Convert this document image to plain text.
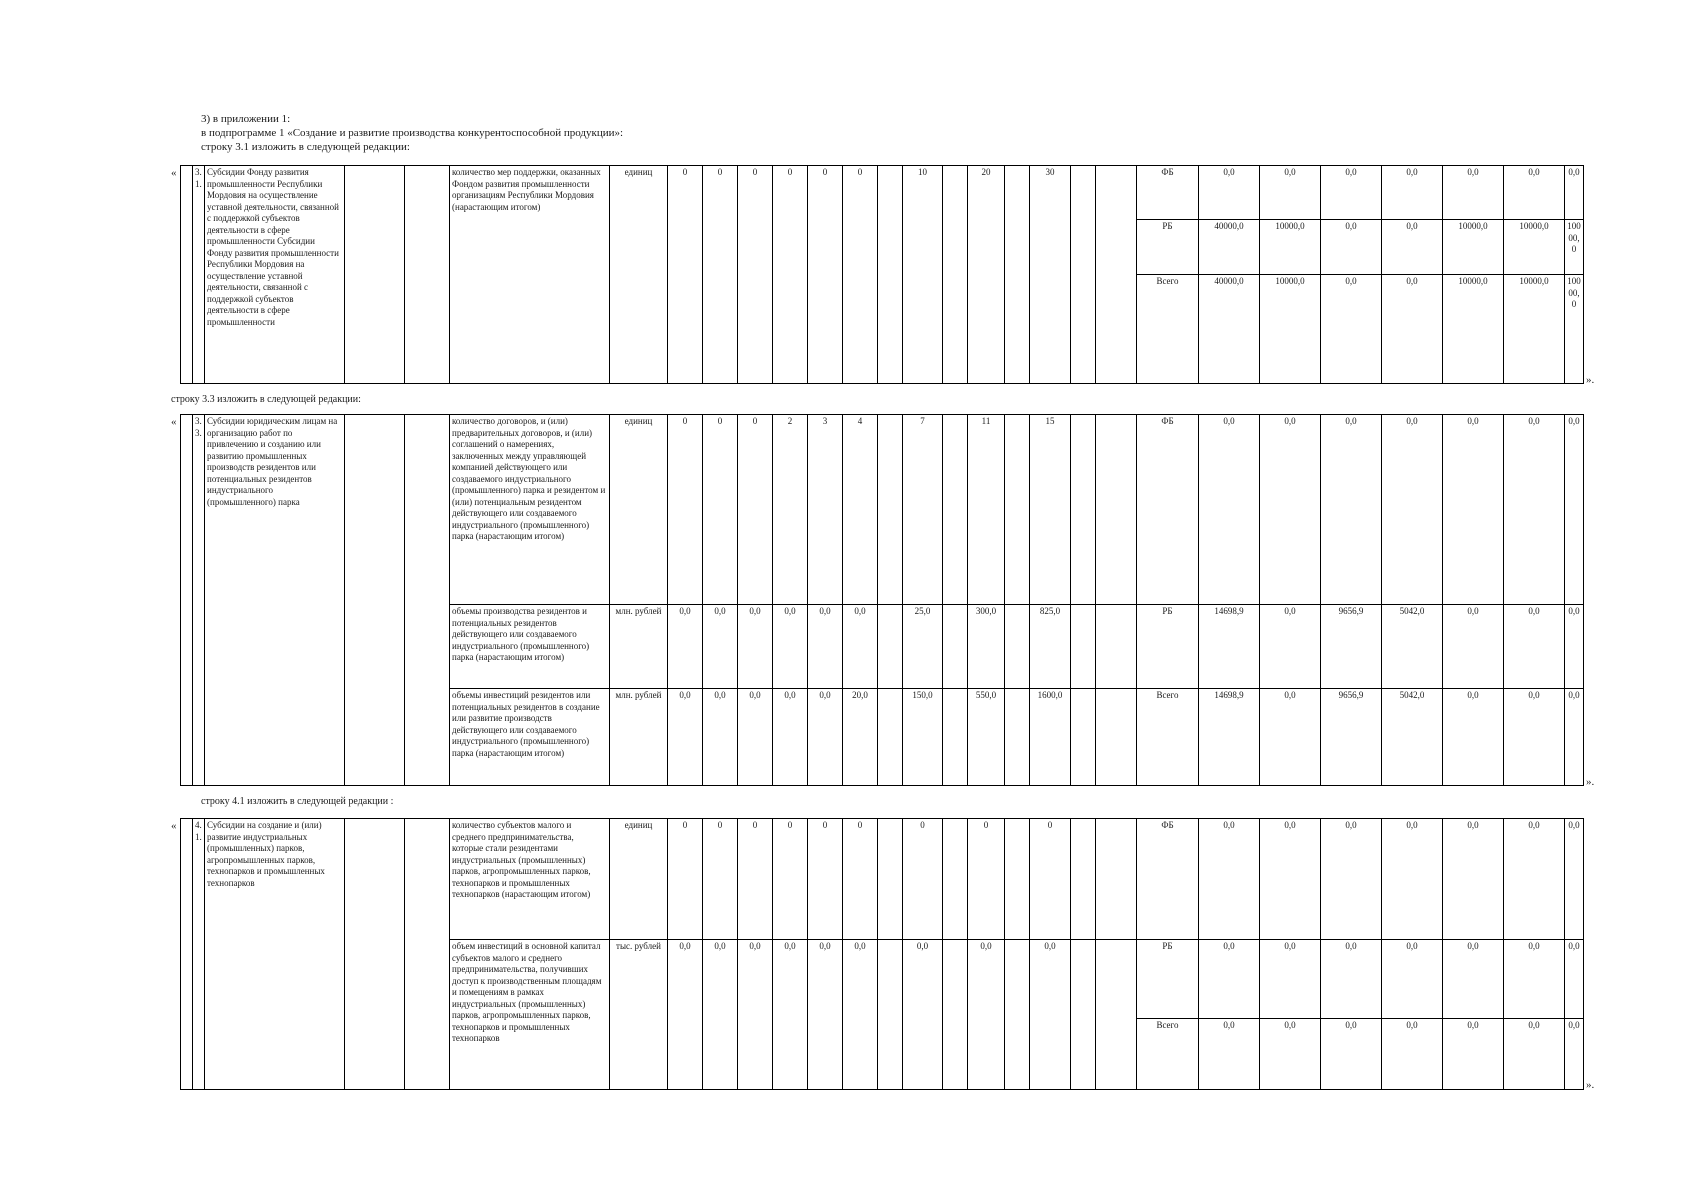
3) в приложении 1:
в подпрограмме 1 «Создание и развитие производства конкурентоспособной продукции»:
строку 3.1 изложить в следующей редакции:
«
	3.1.	Субсидии Фонду развития промышленности Республики Мордовия на осуществление уставной деятельности, связанной с поддержкой субъектов деятельности в сфере промышленности Субсидии Фонду развития промышленности Республики Мордовия на осуществление уставной деятельности, связанной с поддержкой субъектов деятельности в сфере промышленности			количество мер поддержки, оказанных Фондом развития промышленности организациям Республики Мордовия (нарастающим итогом)	единиц	0	0	0	0	0	0		10		20		30			ФБ	0,0	0,0	0,0	0,0	0,0	0,0	0,0
																					РБ	40000,0	10000,0	0,0	0,0	10000,0	10000,0	10000,0
																					Всего	40000,0	10000,0	0,0	0,0	10000,0	10000,0	10000,0
».
строку 3.3 изложить в следующей редакции:
«
	3.3.	Субсидии юридическим лицам на организацию работ по привлечению и созданию или развитию промышленных производств резидентов или потенциальных резидентов индустриального (промышленного) парка			количество договоров, и (или) предварительных договоров, и (или) соглашений о намерениях, заключенных между управляющей компанией действующего или создаваемого индустриального (промышленного) парка и резидентом и (или) потенциальным резидентом действующего или создаваемого индустриального (промышленного) парка (нарастающим итогом)	единиц	0	0	0	2	3	4		7		11		15			ФБ	0,0	0,0	0,0	0,0	0,0	0,0	0,0
					объемы производства резидентов и потенциальных резидентов действующего или создаваемого индустриального (промышленного) парка (нарастающим итогом)	млн. рублей	0,0	0,0	0,0	0,0	0,0	0,0		25,0		300,0		825,0			РБ	14698,9	0,0	9656,9	5042,0	0,0	0,0	0,0
					объемы инвестиций резидентов или потенциальных резидентов в создание или развитие производств действующего или создаваемого индустриального (промышленного) парка (нарастающим итогом)	млн. рублей	0,0	0,0	0,0	0,0	0,0	20,0		150,0		550,0		1600,0			Всего	14698,9	0,0	9656,9	5042,0	0,0	0,0	0,0
».
строку 4.1 изложить в следующей редакции :
«
	4.1.	Субсидии на создание и (или) развитие индустриальных (промышленных) парков, агропромышленных парков, технопарков и промышленных технопарков			количество субъектов малого и среднего предпринимательства, которые стали резидентами индустриальных (промышленных) парков, агропромышленных парков, технопарков и промышленных технопарков (нарастающим итогом)	единиц	0	0	0	0	0	0		0		0		0			ФБ	0,0	0,0	0,0	0,0	0,0	0,0	0,0
					объем инвестиций в основной капитал субъектов малого и среднего предпринимательства, получивших доступ к производственным площадям и помещениям в рамках индустриальных (промышленных) парков, агропромышленных парков, технопарков и промышленных технопарков	тыс. рублей	0,0	0,0	0,0	0,0	0,0	0,0		0,0		0,0		0,0			РБ	0,0	0,0	0,0	0,0	0,0	0,0	0,0
																					Всего	0,0	0,0	0,0	0,0	0,0	0,0	0,0
».
